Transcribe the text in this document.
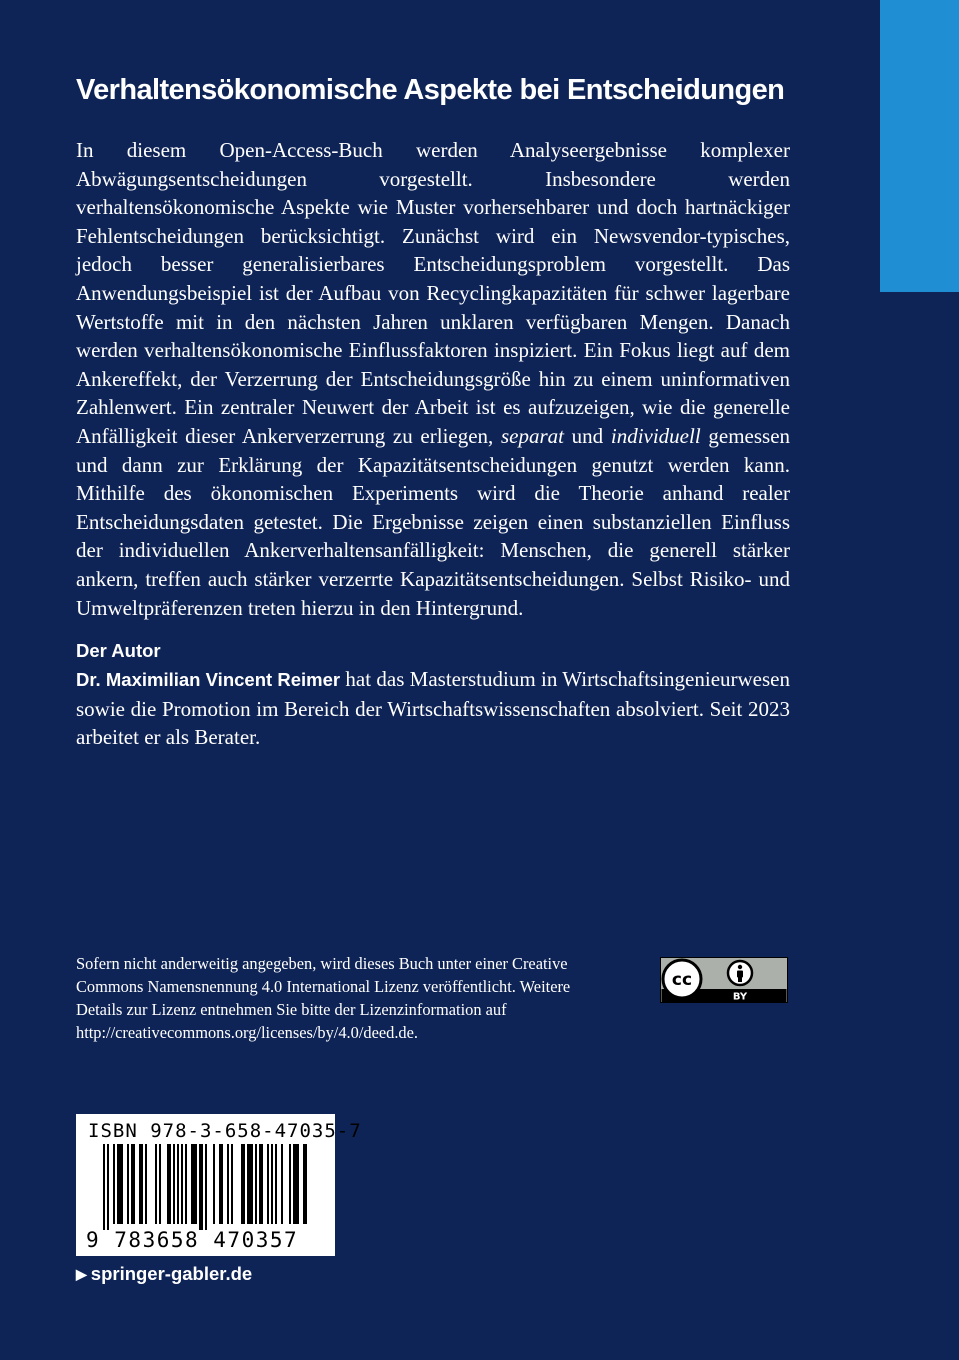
Verhaltensökonomische Aspekte bei Entscheidungen

In diesem Open-Access-Buch werden Analyseergebnisse komplexer Abwägungsentscheidungen vorgestellt. Insbesondere werden verhaltensökonomische Aspekte wie Muster vorhersehbarer und doch hartnäckiger Fehlentscheidungen berücksichtigt. Zunächst wird ein Newsvendor-typisches, jedoch besser generalisierbares Entscheidungsproblem vorgestellt. Das Anwendungsbeispiel ist der Aufbau von Recyclingkapazitäten für schwer lagerbare Wertstoffe mit in den nächsten Jahren unklaren verfügbaren Mengen. Danach werden verhaltensökonomische Einflussfaktoren inspiziert. Ein Fokus liegt auf dem Ankereffekt, der Verzerrung der Entscheidungsgröße hin zu einem uninformativen Zahlenwert. Ein zentraler Neuwert der Arbeit ist es aufzuzeigen, wie die generelle Anfälligkeit dieser Ankerverzerrung zu erliegen, separat und individuell gemessen und dann zur Erklärung der Kapazitätsentscheidungen genutzt werden kann. Mithilfe des ökonomischen Experiments wird die Theorie anhand realer Entscheidungsdaten getestet. Die Ergebnisse zeigen einen substanziellen Einfluss der individuellen Ankerverhaltensanfälligkeit: Menschen, die generell stärker ankern, treffen auch stärker verzerrte Kapazitätsentscheidungen. Selbst Risiko- und Umweltpräferenzen treten hierzu in den Hintergrund.

Der Autor

Dr. Maximilian Vincent Reimer hat das Masterstudium in Wirtschaftsingenieurwesen sowie die Promotion im Bereich der Wirtschaftswissenschaften absolviert. Seit 2023 arbeitet er als Berater.

Sofern nicht anderweitig angegeben, wird dieses Buch unter einer Creative Commons Namensnennung 4.0 International Lizenz veröffentlicht. Weitere Details zur Lizenz entnehmen Sie bitte der Lizenzinformation auf http://creativecommons.org/licenses/by/4.0/deed.de.

cc
BY
ISBN 978-3-658-47035-7
9 783658 470357
▶ springer-gabler.de
